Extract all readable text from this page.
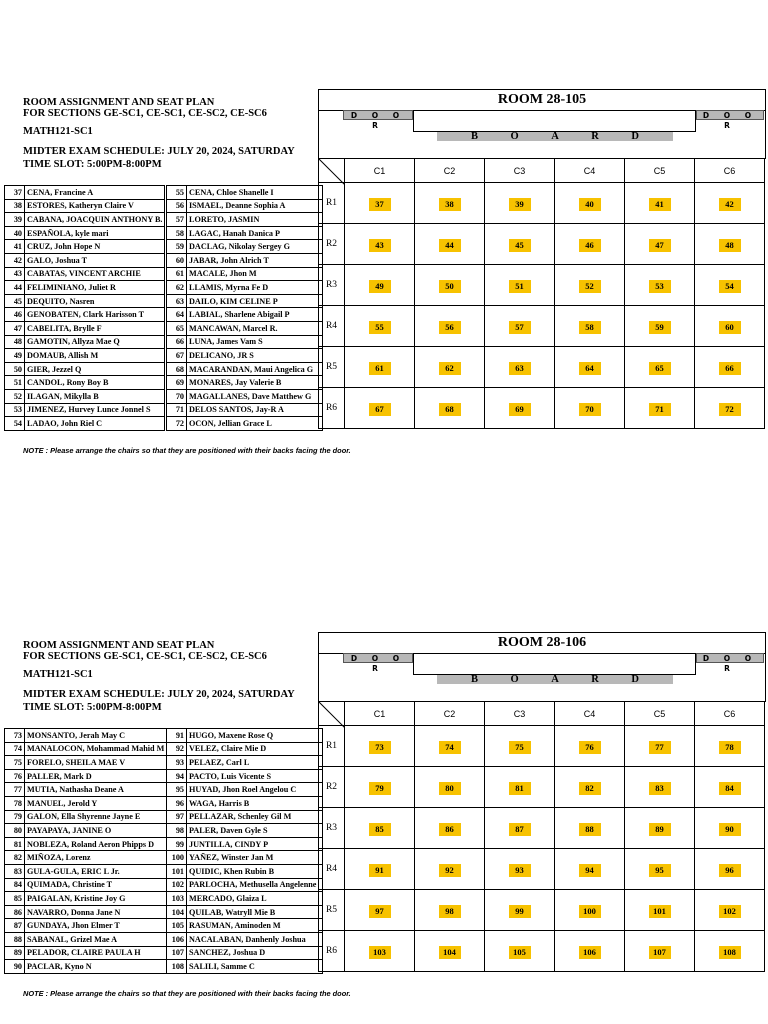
ROOM ASSIGNMENT AND SEAT PLAN
FOR SECTIONS GE-SC1, CE-SC1, CE-SC2, CE-SC6
MATH121-SC1
MIDTER EXAM SCHEDULE: JULY 20, 2024, SATURDAY
TIME SLOT: 5:00PM-8:00PM
37	CENA, Francine A
38	ESTORES, Katheryn Claire V
39	CABANA, JOACQUIN ANTHONY B.
40	ESPAÑOLA, kyle mari
41	CRUZ, John Hope N
42	GALO, Joshua T
43	CABATAS, VINCENT ARCHIE
44	FELIMINIANO, Juliet R
45	DEQUITO, Nasren
46	GENOBATEN, Clark Harisson T
47	CABELITA, Brylle F
48	GAMOTIN, Allyza Mae Q
49	DOMAUB, Allish M
50	GIER, Jezzel Q
51	CANDOL, Rony Boy B
52	ILAGAN, Mikylla B
53	JIMENEZ, Hurvey Lunce Jonnel S
54	LADAO, John Riel C
55	CENA, Chloe Shanelle I
56	ISMAEL, Deanne Sophia A
57	LORETO, JASMIN
58	LAGAC, Hanah Danica P
59	DACLAG, Nikolay Sergey G
60	JABAR, John Alrich T
61	MACALE, Jhon M
62	LLAMIS, Myrna Fe D
63	DAILO, KIM CELINE P
64	LABIAL, Sharlene Abigail P
65	MANCAWAN, Marcel R.
66	LUNA, James Vam S
67	DELICANO, JR S
68	MACARANDAN, Maui Angelica G
69	MONARES, Jay Valerie B
70	MAGALLANES, Dave Matthew G
71	DELOS SANTOS, Jay-R A
72	OCON, Jellian Grace L
ROOM 28-105
D O O R
D O O R
B	O	A	R	D
	C1	C2	C3	C4	C5	C6
R1	37	38	39	40	41	42
R2	43	44	45	46	47	48
R3	49	50	51	52	53	54
R4	55	56	57	58	59	60
R5	61	62	63	64	65	66
R6	67	68	69	70	71	72
NOTE : Please arrange the chairs so that they are positioned with their backs facing the door.
ROOM ASSIGNMENT AND SEAT PLAN
FOR SECTIONS GE-SC1, CE-SC1, CE-SC2, CE-SC6
MATH121-SC1
MIDTER EXAM SCHEDULE: JULY 20, 2024, SATURDAY
TIME SLOT: 5:00PM-8:00PM
73	MONSANTO, Jerah May C
74	MANALOCON, Mohammad Mahid M
75	FORELO, SHEILA MAE V
76	PALLER, Mark D
77	MUTIA, Nathasha Deane A
78	MANUEL, Jerold Y
79	GALON, Ella Shyrenne Jayne E
80	PAYAPAYA, JANINE O
81	NOBLEZA, Roland Aeron Phipps D
82	MIÑOZA, Lorenz
83	GULA-GULA, ERIC L Jr.
84	QUIMADA, Christine T
85	PAIGALAN, Kristine Joy G
86	NAVARRO, Donna Jane N
87	GUNDAYA, Jhon Elmer T
88	SABANAL, Grizel Mae A
89	PELADOR, CLAIRE PAULA H
90	PACLAR, Kyno N
91	HUGO, Maxene Rose Q
92	VELEZ, Claire Mie D
93	PELAEZ, Carl L
94	PACTO, Luis Vicente S
95	HUYAD, Jhon Roel Angelou C
96	WAGA, Harris B
97	PELLAZAR, Schenley Gil M
98	PALER, Daven Gyle S
99	JUNTILLA, CINDY P
100	YAÑEZ, Winster Jan M
101	QUIDIC, Khen Rubin B
102	PARLOCHA, Methusella Angelenne
103	MERCADO, Glaiza L
104	QUILAB, Watryll Mie B
105	RASUMAN, Aminoden M
106	NACALABAN, Danhenly Joshua
107	SANCHEZ, Joshua D
108	SALILI, Samme C
ROOM 28-106
D O O R
D O O R
B	O	A	R	D
	C1	C2	C3	C4	C5	C6
R1	73	74	75	76	77	78
R2	79	80	81	82	83	84
R3	85	86	87	88	89	90
R4	91	92	93	94	95	96
R5	97	98	99	100	101	102
R6	103	104	105	106	107	108
NOTE : Please arrange the chairs so that they are positioned with their backs facing the door.
